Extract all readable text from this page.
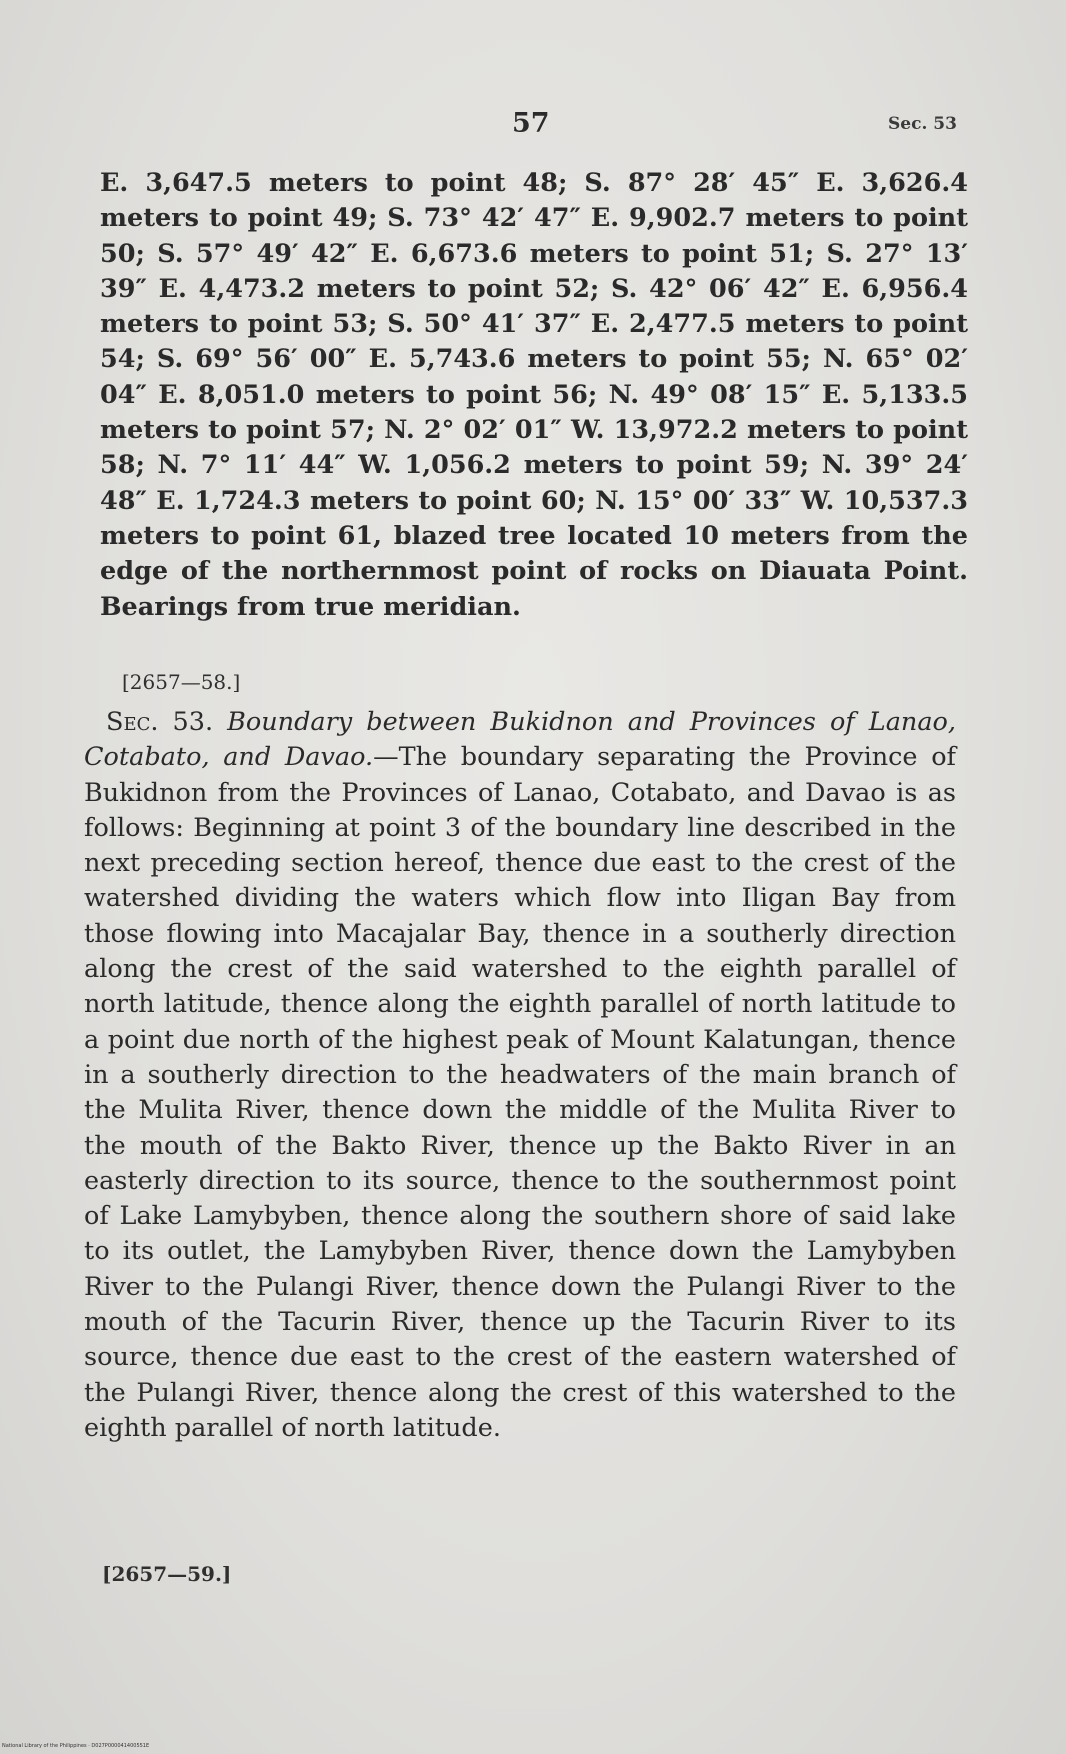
57	Sec. 53
E. 3,647.5 meters to point 48; S. 87° 28′ 45″ E. 3,626.4 meters to point 49; S. 73° 42′ 47″ E. 9,902.7 meters to point 50; S. 57° 49′ 42″ E. 6,673.6 meters to point 51; S. 27° 13′ 39″ E. 4,473.2 meters to point 52; S. 42° 06′ 42″ E. 6,956.4 meters to point 53; S. 50° 41′ 37″ E. 2,477.5 meters to point 54; S. 69° 56′ 00″ E. 5,743.6 meters to point 55; N. 65° 02′ 04″ E. 8,051.0 meters to point 56; N. 49° 08′ 15″ E. 5,133.5 meters to point 57; N. 2° 02′ 01″ W. 13,972.2 meters to point 58; N. 7° 11′ 44″ W. 1,056.2 meters to point 59; N. 39° 24′ 48″ E. 1,724.3 meters to point 60; N. 15° 00′ 33″ W. 10,537.3 meters to point 61, blazed tree located 10 meters from the edge of the northernmost point of rocks on Diauata Point. Bearings from true meridian.
[2657—58.]
Sec. 53. Boundary between Bukidnon and Provinces of Lanao, Cotabato, and Davao.—The boundary separating the Province of Bukidnon from the Provinces of Lanao, Cotabato, and Davao is as follows: Beginning at point 3 of the boundary line described in the next preceding section hereof, thence due east to the crest of the watershed dividing the waters which flow into Iligan Bay from those flowing into Macajalar Bay, thence in a southerly direction along the crest of the said watershed to the eighth parallel of north latitude, thence along the eighth parallel of north latitude to a point due north of the highest peak of Mount Kalatungan, thence in a southerly direction to the headwaters of the main branch of the Mulita River, thence down the middle of the Mulita River to the mouth of the Bakto River, thence up the Bakto River in an easterly direction to its source, thence to the southernmost point of Lake Lamybyben, thence along the southern shore of said lake to its outlet, the Lamybyben River, thence down the Lamybyben River to the Pulangi River, thence down the Pulangi River to the mouth of the Tacurin River, thence up the Tacurin River to its source, thence due east to the crest of the eastern watershed of the Pulangi River, thence along the crest of this watershed to the eighth parallel of north latitude.
[2657—59.]
National Library of the Philippines · D027P000041400551E
